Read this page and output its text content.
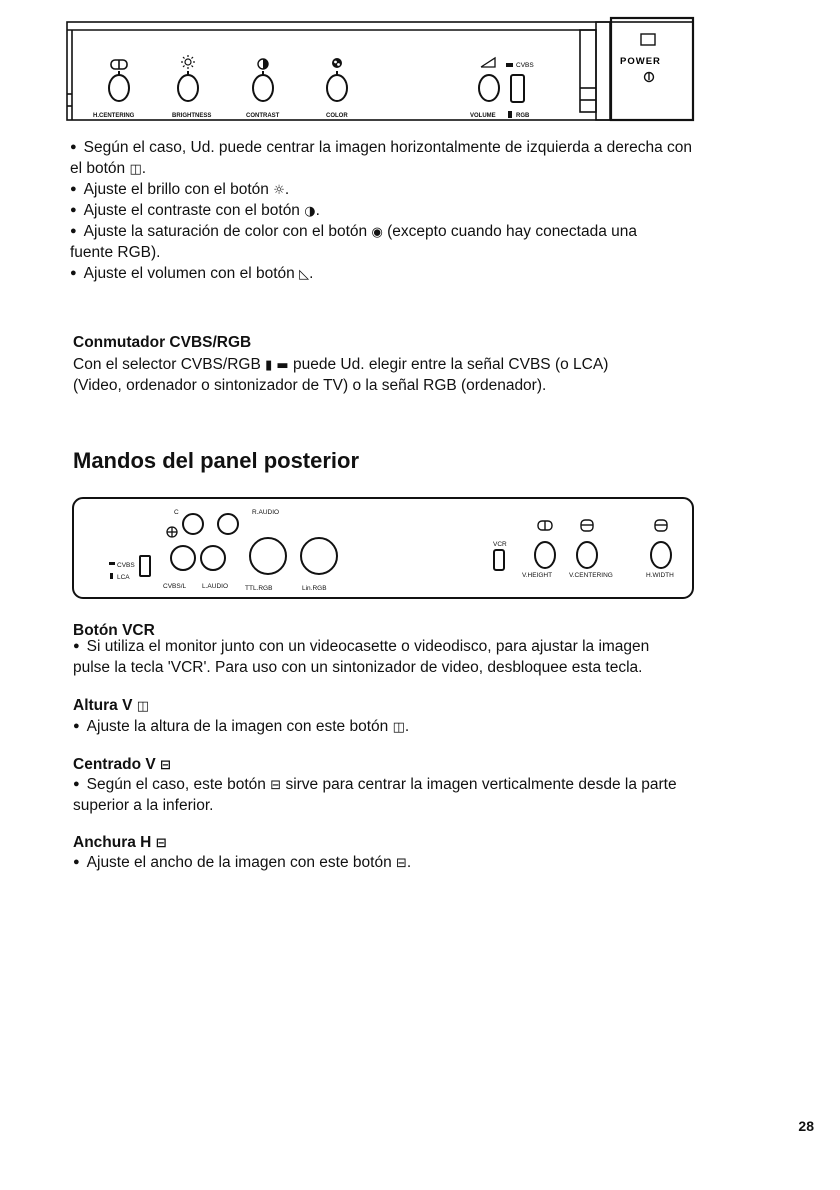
CVBS
H.CENTERING	BRIGHTNESS	CONTRAST	COLOR	VOLUME	RGB
POWER
● Según el caso, Ud. puede centrar la imagen horizontalmente de izquierda a derecha con
el botón ◫.
● Ajuste el brillo con el botón ☼.
● Ajuste el contraste con el botón ◑.
● Ajuste la saturación de color con el botón ◉ (excepto cuando hay conectada una
fuente RGB).
● Ajuste el volumen con el botón ◺.
Conmutador CVBS/RGB
Con el selector CVBS/RGB ▮ ▬ puede Ud. elegir entre la señal CVBS (o LCA)
(Video, ordenador o sintonizador de TV) o la señal RGB (ordenador).
Mandos del panel posterior
C	R.AUDIO
CVBS
LCA
CVBS/L L.AUDIO	TTL.RGB	Lin.RGB
VCR
V.HEIGHT	V.CENTERING	H.WIDTH
Botón VCR
● Si utiliza el monitor junto con un videocasette o videodisco, para ajustar la imagen
pulse la tecla 'VCR'. Para uso con un sintonizador de video, desbloquee esta tecla.
Altura V ◫
● Ajuste la altura de la imagen con este botón ◫.
Centrado V ⊟
● Según el caso, este botón ⊟ sirve para centrar la imagen verticalmente desde la parte
superior a la inferior.
Anchura H ⊟
● Ajuste el ancho de la imagen con este botón ⊟.
28
